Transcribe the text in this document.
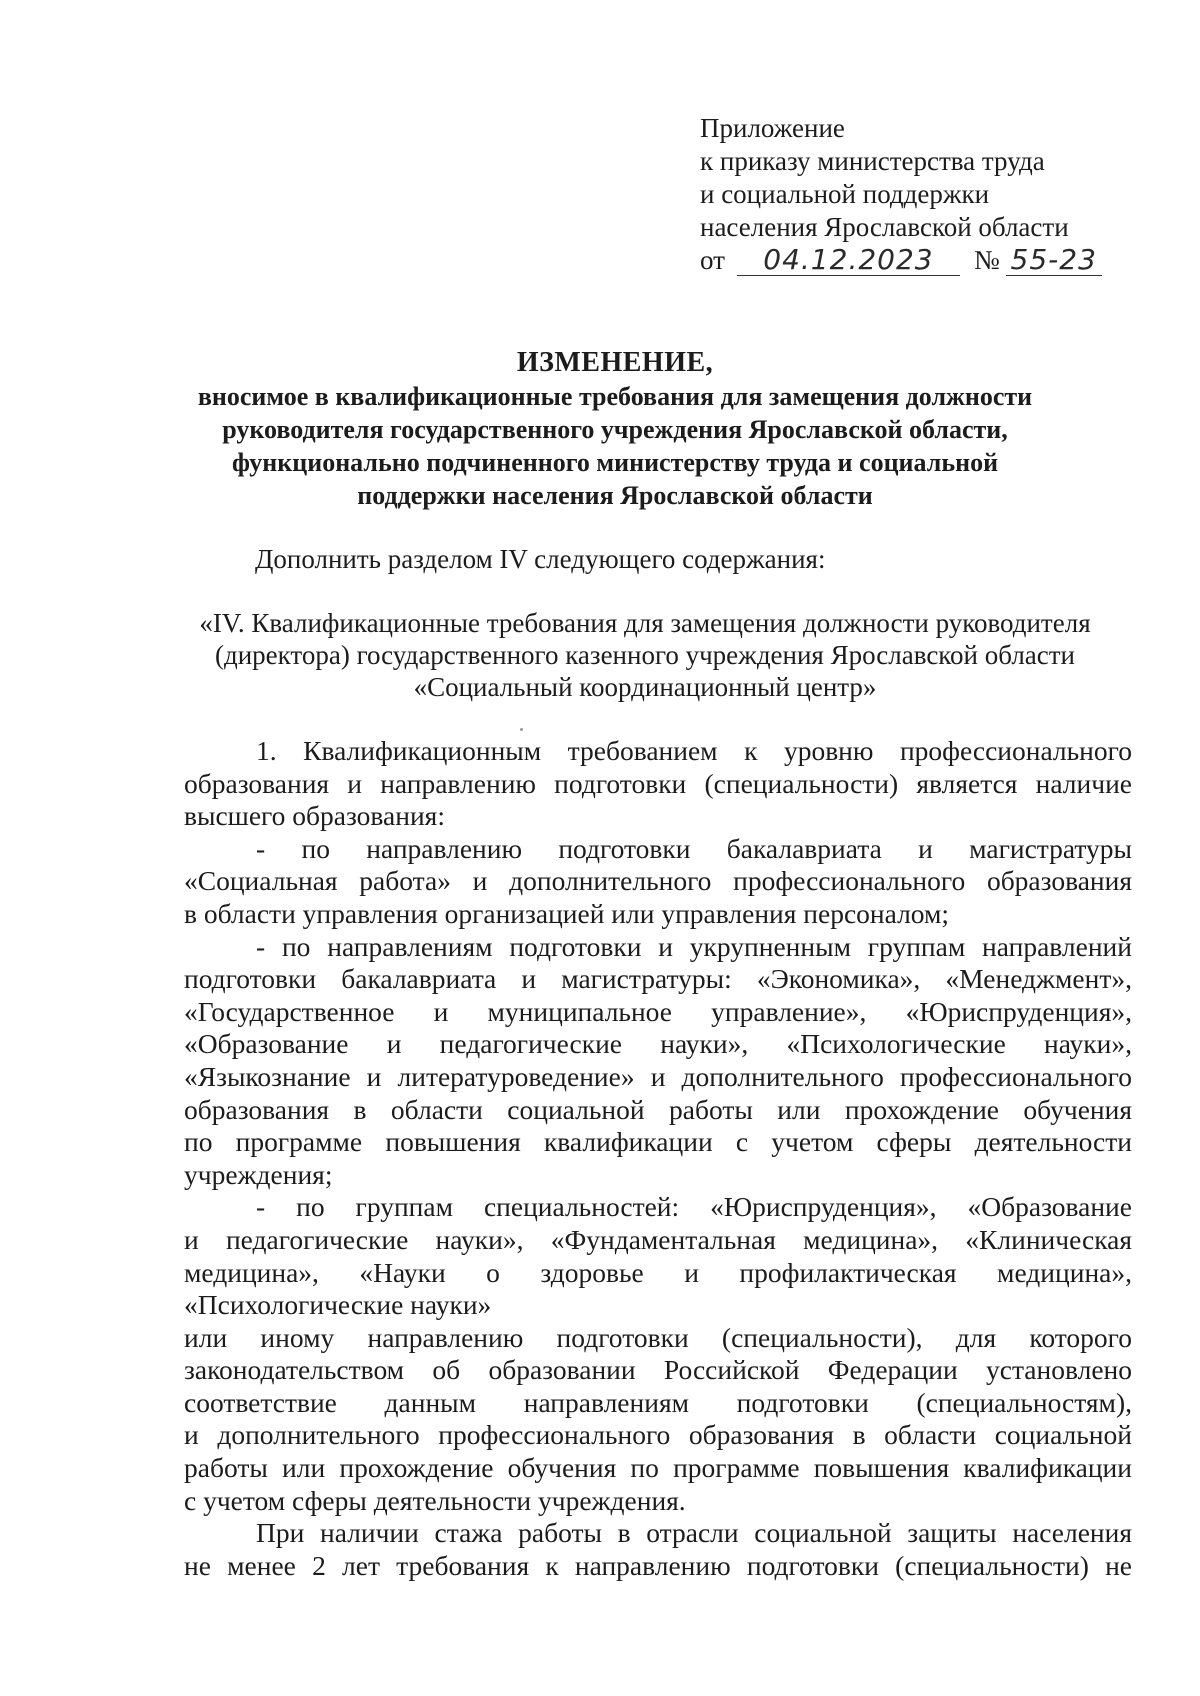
Приложение
к приказу министерства труда
и социальной поддержки
населения Ярославской области
от	04.12.2023	№ 55-23
ИЗМЕНЕНИЕ,
вносимое в квалификационные требования для замещения должности
руководителя государственного учреждения Ярославской области,
функционально подчиненного министерству труда и социальной
поддержки населения Ярославской области
Дополнить разделом IV следующего содержания:
«IV. Квалификационные требования для замещения должности руководителя
(директора) государственного казенного учреждения Ярославской области
«Социальный координационный центр»

1. Квалификационным требованием к уровню профессионального
образования и направлению подготовки (специальности) является наличие
высшего образования:

- по направлению подготовки бакалавриата и магистратуры
«Социальная работа» и дополнительного профессионального образования
в области управления организацией или управления персоналом;

- по направлениям подготовки и укрупненным группам направлений
подготовки бакалавриата и магистратуры: «Экономика», «Менеджмент»,
«Государственное и муниципальное управление», «Юриспруденция»,
«Образование и педагогические науки», «Психологические науки»,
«Языкознание и литературоведение» и дополнительного профессионального
образования в области социальной работы или прохождение обучения
по программе повышения квалификации с учетом сферы деятельности
учреждения;

- по группам специальностей: «Юриспруденция», «Образование
и педагогические науки», «Фундаментальная медицина», «Клиническая
медицина», «Науки о здоровье и профилактическая медицина»,
«Психологические науки»

или иному направлению подготовки (специальности), для которого
законодательством об образовании Российской Федерации установлено
соответствие данным направлениям подготовки (специальностям),
и дополнительного профессионального образования в области социальной
работы или прохождение обучения по программе повышения квалификации
с учетом сферы деятельности учреждения.

При наличии стажа работы в отрасли социальной защиты населения
не менее 2 лет требования к направлению подготовки (специальности) не
